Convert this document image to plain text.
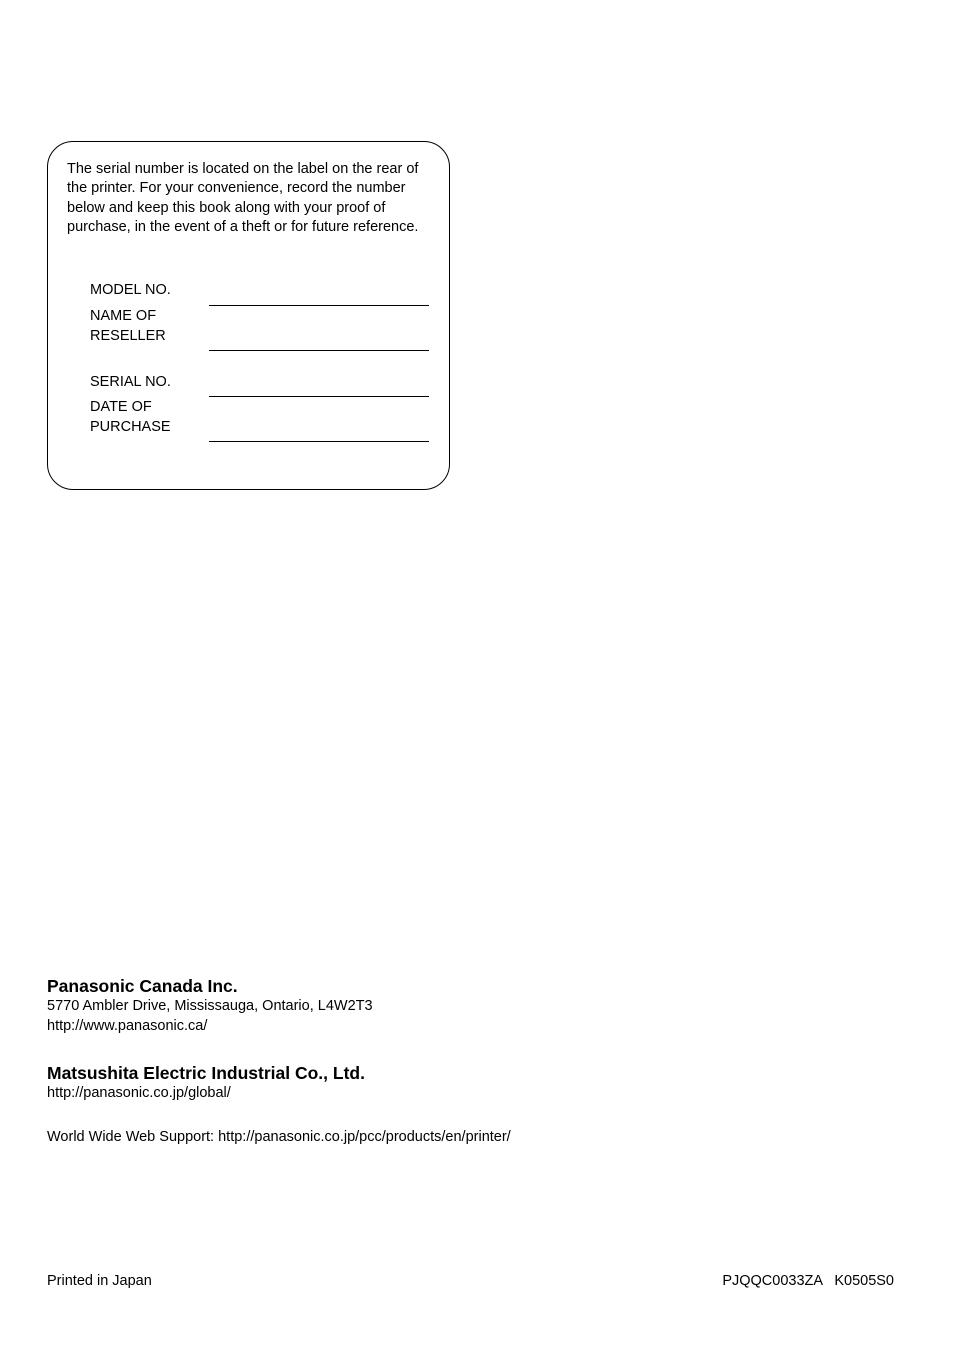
The serial number is located on the label on the rear of the printer. For your convenience, record the number below and keep this book along with your proof of purchase, in the event of a theft or for future reference.

MODEL NO.
NAME OF
RESELLER
SERIAL NO.
DATE OF
PURCHASE
Panasonic Canada Inc.
5770 Ambler Drive, Mississauga, Ontario, L4W2T3
http://www.panasonic.ca/
Matsushita Electric Industrial Co., Ltd.
http://panasonic.co.jp/global/
World Wide Web Support: http://panasonic.co.jp/pcc/products/en/printer/
Printed in Japan	PJQQC0033ZA   K0505S0
